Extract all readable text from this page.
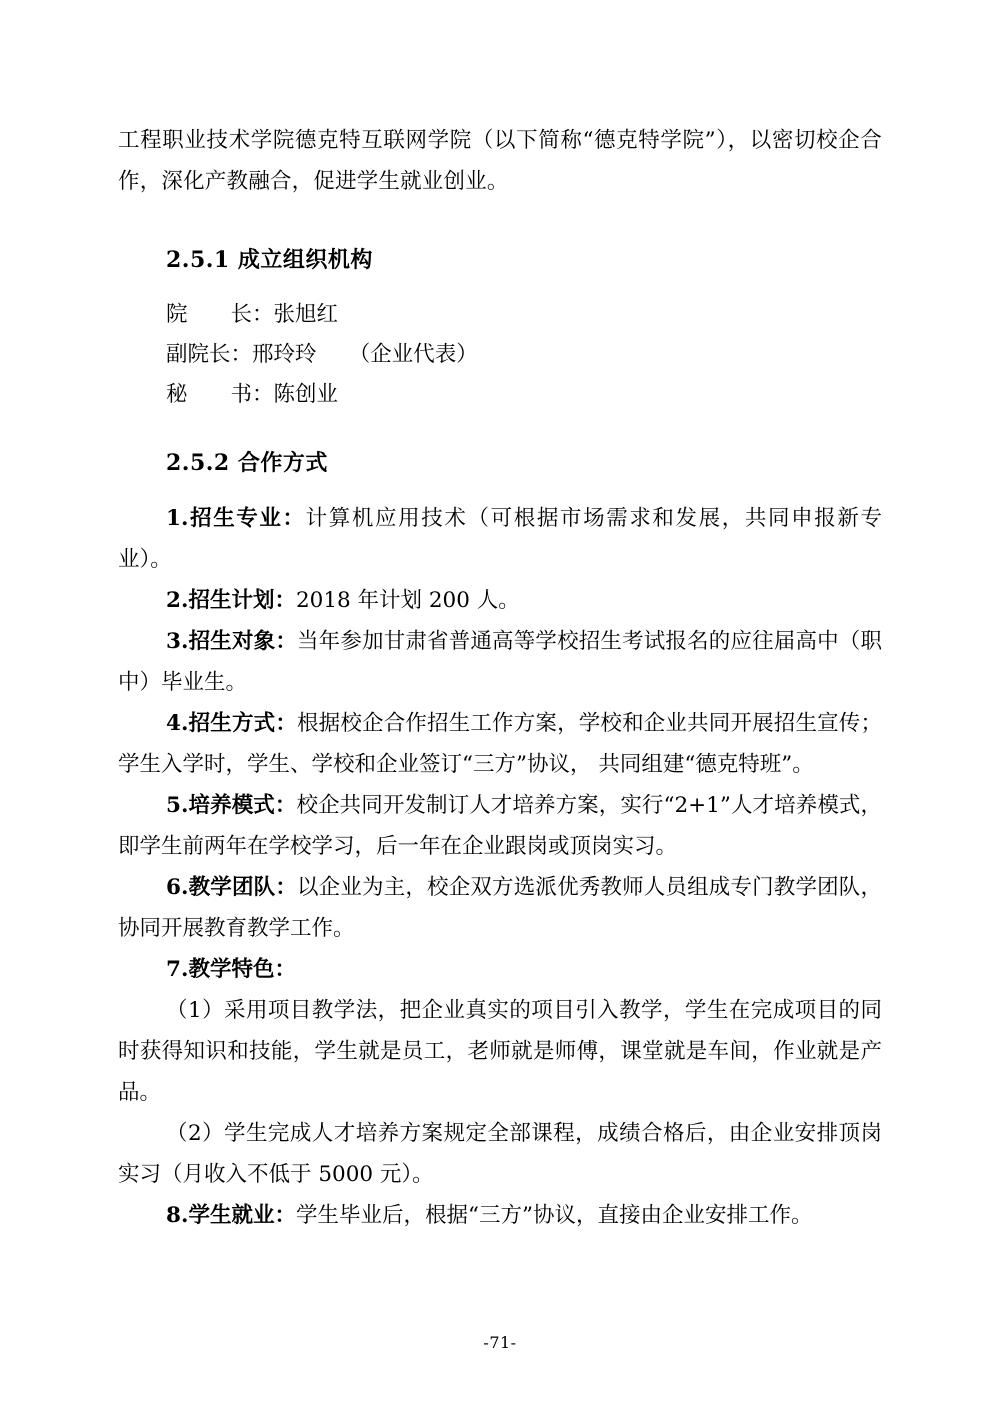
工程职业技术学院德克特互联网学院（以下简称“德克特学院”），以密切校企合作，深化产教融合，促进学生就业创业。

2.5.1 成立组织机构
院　　长：张旭红
副院长：邢玲玲　　（企业代表）
秘　　书：陈创业
2.5.2 合作方式

1.招生专业：计算机应用技术（可根据市场需求和发展，共同申报新专业）。

2.招生计划：2018 年计划 200 人。

3.招生对象：当年参加甘肃省普通高等学校招生考试报名的应往届高中（职中）毕业生。

4.招生方式：根据校企合作招生工作方案，学校和企业共同开展招生宣传；学生入学时，学生、学校和企业签订“三方”协议， 共同组建“德克特班”。

5.培养模式：校企共同开发制订人才培养方案，实行“2+1”人才培养模式，即学生前两年在学校学习，后一年在企业跟岗或顶岗实习。

6.教学团队：以企业为主，校企双方选派优秀教师人员组成专门教学团队，协同开展教育教学工作。

7.教学特色：

（1）采用项目教学法，把企业真实的项目引入教学，学生在完成项目的同时获得知识和技能，学生就是员工，老师就是师傅，课堂就是车间，作业就是产品。

（2）学生完成人才培养方案规定全部课程，成绩合格后，由企业安排顶岗实习（月收入不低于 5000 元）。

8.学生就业：学生毕业后，根据“三方”协议，直接由企业安排工作。

-71-
